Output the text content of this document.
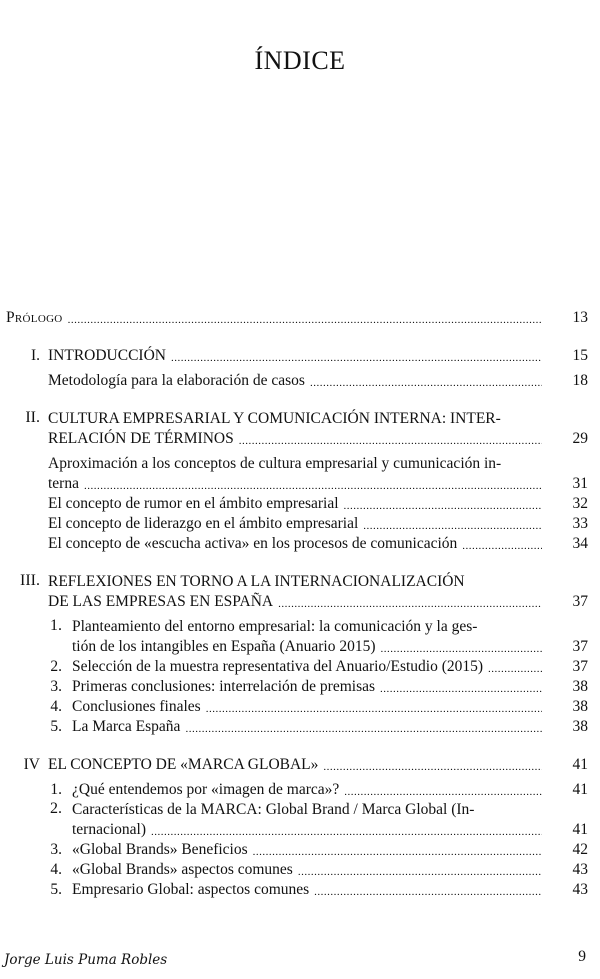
ÍNDICE
Prólogo .....	13
I. INTRODUCCIÓN .....	15
Metodología para la elaboración de casos .....	18
II. CULTURA EMPRESARIAL Y COMUNICACIÓN INTERNA: INTER-
RELACIÓN DE TÉRMINOS .....	29
Aproximación a los conceptos de cultura empresarial y cumunicación in-
terna .....	31
El concepto de rumor en el ámbito empresarial .....	32
El concepto de liderazgo en el ámbito empresarial .....	33
El concepto de «escucha activa» en los procesos de comunicación .....	34
III. REFLEXIONES EN TORNO A LA INTERNACIONALIZACIÓN
DE LAS EMPRESAS EN ESPAÑA .....	37
1. Planteamiento del entorno empresarial: la comunicación y la ges-
tión de los intangibles en España (Anuario 2015) .....	37
2. Selección de la muestra representativa del Anuario/Estudio (2015) .....	37
3. Primeras conclusiones: interrelación de premisas .....	38
4. Conclusiones finales .....	38
5. La Marca España .....	38
IV EL CONCEPTO DE «MARCA GLOBAL» .....	41
1. ¿Qué entendemos por «imagen de marca»? .....	41
2. Características de la MARCA: Global Brand / Marca Global (In-
ternacional) .....	41
3. «Global Brands» Beneficios .....	42
4. «Global Brands» aspectos comunes .....	43
5. Empresario Global: aspectos comunes .....	43
Jorge Luis Puma Robles	9
